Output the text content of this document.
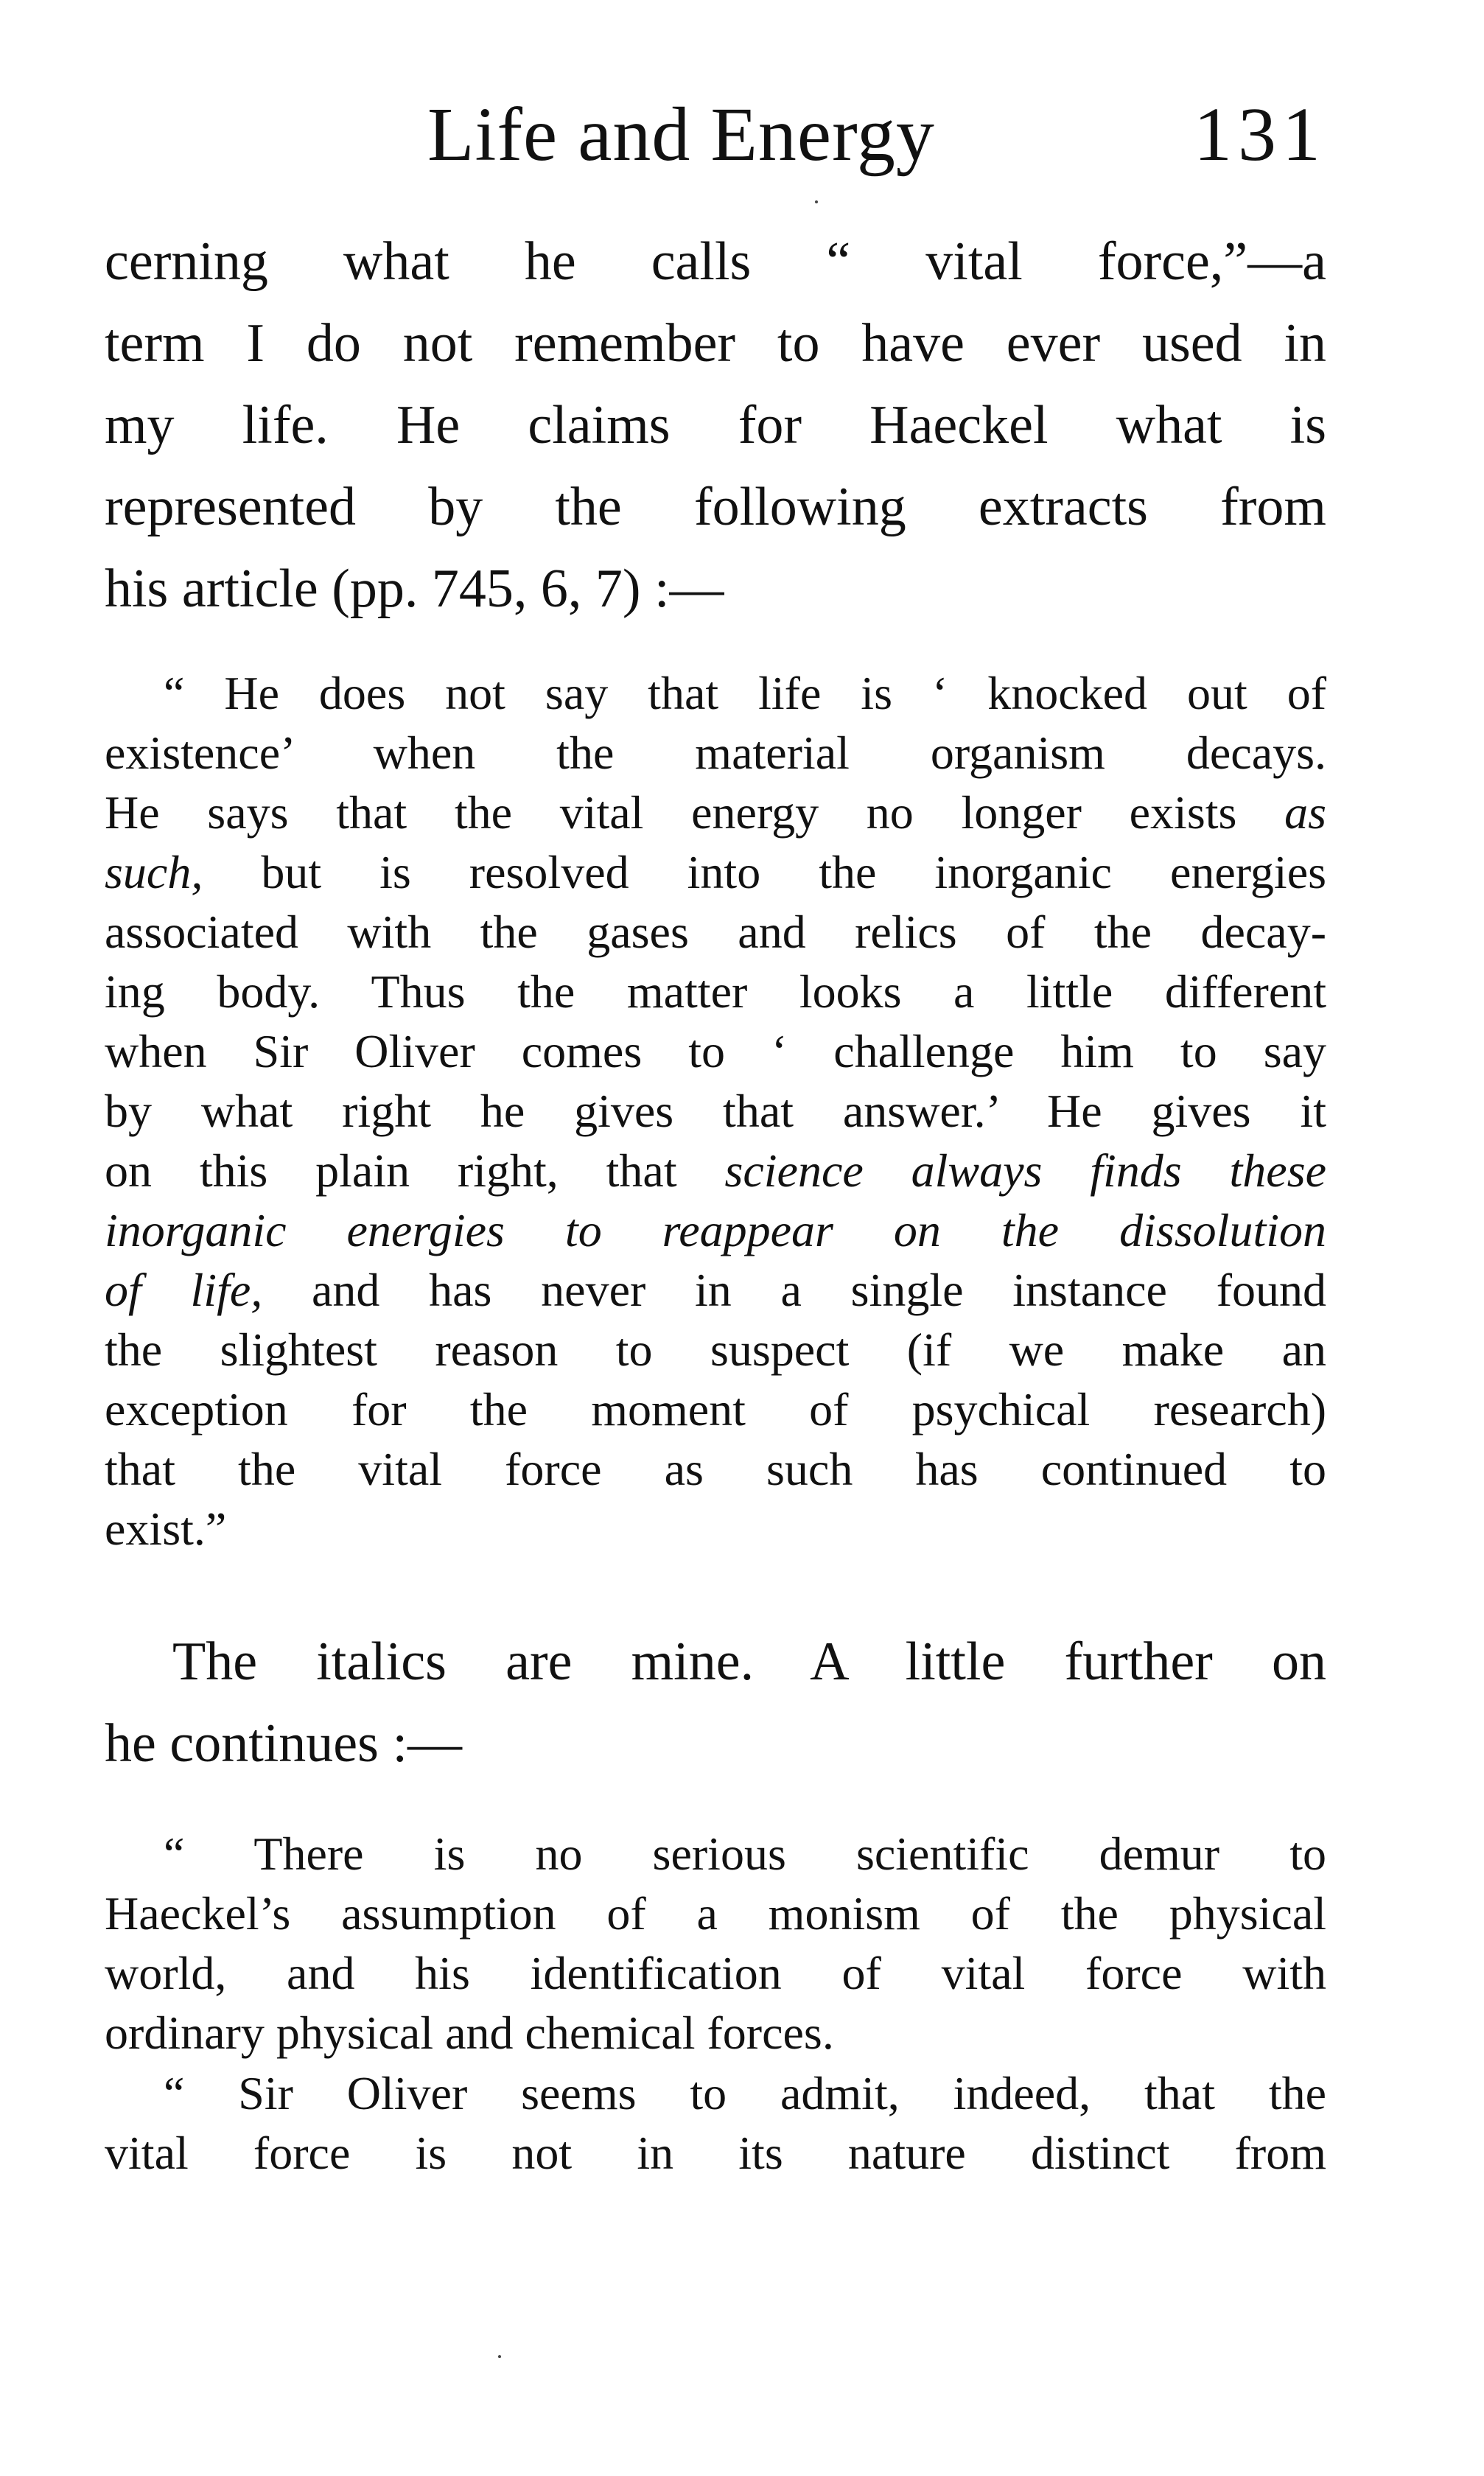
Life and Energy	131
cerning what he calls “ vital force,”—a
term I do not remember to have ever used in
my life. He claims for Haeckel what is
represented by the following extracts from
his article (pp. 745, 6, 7) :—
“ He does not say that life is ‘ knocked out of
existence’ when the material organism decays.
He says that the vital energy no longer exists as
such, but is resolved into the inorganic energies
associated with the gases and relics of the decay-
ing body. Thus the matter looks a little different
when Sir Oliver comes to ‘ challenge him to say
by what right he gives that answer.’ He gives it
on this plain right, that science always finds these
inorganic energies to reappear on the dissolution
of life, and has never in a single instance found
the slightest reason to suspect (if we make an
exception for the moment of psychical research)
that the vital force as such has continued to
exist.”
The italics are mine. A little further on
he continues :—
“ There is no serious scientific demur to
Haeckel’s assumption of a monism of the physical
world, and his identification of vital force with
ordinary physical and chemical forces.
“ Sir Oliver seems to admit, indeed, that the
vital force is not in its nature distinct from
